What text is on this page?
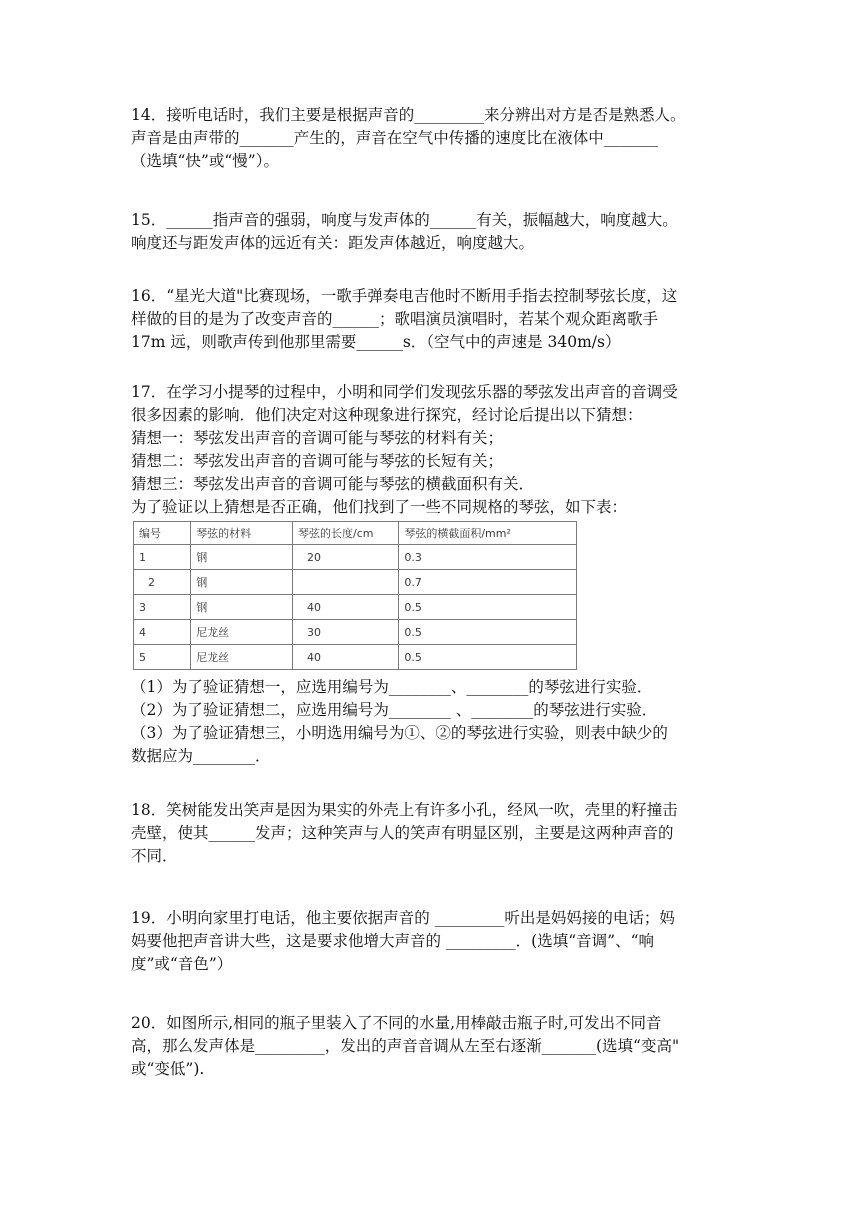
14．接听电话时，我们主要是根据声音的_________来分辨出对方是否是熟悉人。
声音是由声带的_______产生的，声音在空气中传播的速度比在液体中_______
（选填“快”或“慢”）。
15．______指声音的强弱，响度与发声体的______有关，振幅越大，响度越大。
响度还与距发声体的远近有关：距发声体越近，响度越大。
16．“星光大道"比赛现场，一歌手弹奏电吉他时不断用手指去控制琴弦长度，这
样做的目的是为了改变声音的______；歌唱演员演唱时，若某个观众距离歌手
17m 远，则歌声传到他那里需要______s．（空气中的声速是 340m/s）
17．在学习小提琴的过程中，小明和同学们发现弦乐器的琴弦发出声音的音调受
很多因素的影响．他们决定对这种现象进行探究，经讨论后提出以下猜想：
猜想一：琴弦发出声音的音调可能与琴弦的材料有关；
猜想二：琴弦发出声音的音调可能与琴弦的长短有关；
猜想三：琴弦发出声音的音调可能与琴弦的横截面积有关．
为了验证以上猜想是否正确，他们找到了一些不同规格的琴弦，如下表：
（1）为了验证猜想一，应选用编号为________、________的琴弦进行实验．
（2）为了验证猜想二，应选用编号为________ 、________的琴弦进行实验．
（3）为了验证猜想三，小明选用编号为①、②的琴弦进行实验，则表中缺少的
数据应为________．
编号	琴弦的材料	琴弦的长度/cm	琴弦的横截面积/mm²
1	钢	20	0.3
2	钢		0.7
3	钢	40	0.5
4	尼龙丝	30	0.5
5	尼龙丝	40	0.5
18．笑树能发出笑声是因为果实的外壳上有许多小孔，经风一吹，壳里的籽撞击
壳壁，使其______发声；这种笑声与人的笑声有明显区别，主要是这两种声音的
不同．
19．小明向家里打电话，他主要依据声音的 _________听出是妈妈接的电话；妈
妈要他把声音讲大些，这是要求他增大声音的 _________．(选填“音调”、“响
度”或“音色”）
20．如图所示,相同的瓶子里装入了不同的水量,用棒敲击瓶子时,可发出不同音
高，那么发声体是_________，发出的声音音调从左至右逐渐_______(选填“变高"
或“变低”).
